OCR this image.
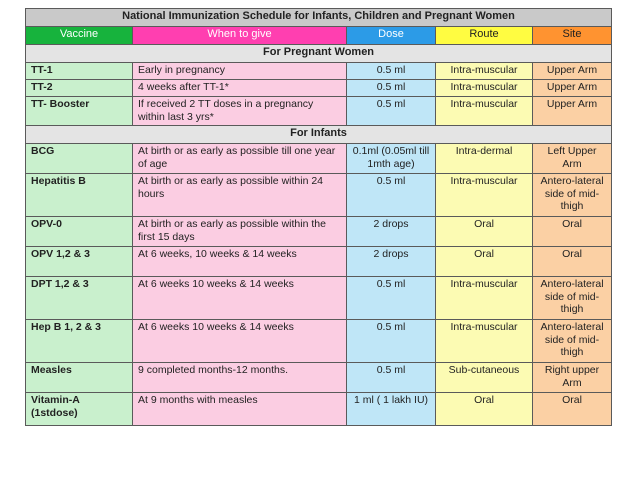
National Immunization Schedule for Infants, Children and Pregnant Women				
Vaccine	When to give	Dose	Route	Site
For Pregnant Women				
TT-1	Early in pregnancy	0.5 ml	Intra-muscular	Upper Arm
TT-2	4 weeks after TT-1*	0.5 ml	Intra-muscular	Upper Arm
TT- Booster	If received 2 TT doses in a pregnancy within last 3 yrs*	0.5 ml	Intra-muscular	Upper Arm
For Infants				
BCG	At birth or as early as possible till one year of age	0.1ml (0.05ml till 1mth age)	Intra-dermal	Left Upper Arm
Hepatitis B	At birth or as early as possible within 24 hours	0.5 ml	Intra-muscular	Antero-lateral side of mid-thigh
OPV-0	At birth or as early as possible within the first 15 days	2 drops	Oral	Oral
OPV 1,2 & 3	At 6 weeks, 10 weeks & 14 weeks	2 drops	Oral	Oral
DPT 1,2 & 3	At 6 weeks 10 weeks & 14 weeks	0.5 ml	Intra-muscular	Antero-lateral side of mid-thigh
Hep B 1, 2 & 3	At 6 weeks 10 weeks & 14 weeks	0.5 ml	Intra-muscular	Antero-lateral side of mid-thigh
Measles	9 completed months-12 months.	0.5 ml	Sub-cutaneous	Right upper Arm
Vitamin-A (1stdose)	At 9 months with measles	1 ml ( 1 lakh IU)	Oral	Oral
